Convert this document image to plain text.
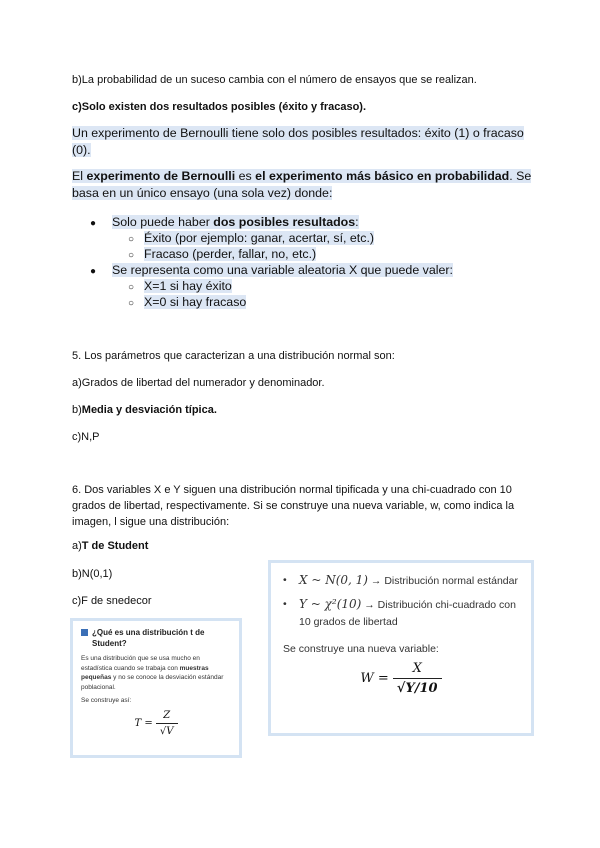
b)La probabilidad de un suceso cambia con el número de ensayos que se realizan.

c)Solo existen dos resultados posibles (éxito y fracaso).

Un experimento de Bernoulli tiene solo dos posibles resultados: éxito (1) o fracaso (0).
El experimento de Bernoulli es el experimento más básico en probabilidad. Se basa en un único ensayo (una sola vez) donde:
● Solo puede haber dos posibles resultados:
○ Éxito (por ejemplo: ganar, acertar, sí, etc.)
○ Fracaso (perder, fallar, no, etc.)
● Se representa como una variable aleatoria X que puede valer:
○ X=1 si hay éxito
○ X=0 si hay fracaso

5. Los parámetros que caracterizan a una distribución normal son:

a)Grados de libertad del numerador y denominador.

b)Media y desviación típica.

c)N,P

6. Dos variables X e Y siguen una distribución normal tipificada y una chi-cuadrado con 10 grados de libertad, respectivamente. Si se construye una nueva variable, w, como indica la imagen, l sigue una distribución:

a)T de Student

b)N(0,1)

c)F de snedecor

¿Qué es una distribución t de Student?
Es una distribución que se usa mucho en estadística cuando se trabaja con muestras pequeñas y no se conoce la desviación estándar poblacional.
Se construye así:
$T = \frac{Z}{√V}$
•	X ~ N(0, 1) → Distribución normal estándar
•	Y ~ χ²(10) → Distribución chi-cuadrado con 10 grados de libertad
Se construye una nueva variable:
$W = \frac{X}{√Y/10}$
